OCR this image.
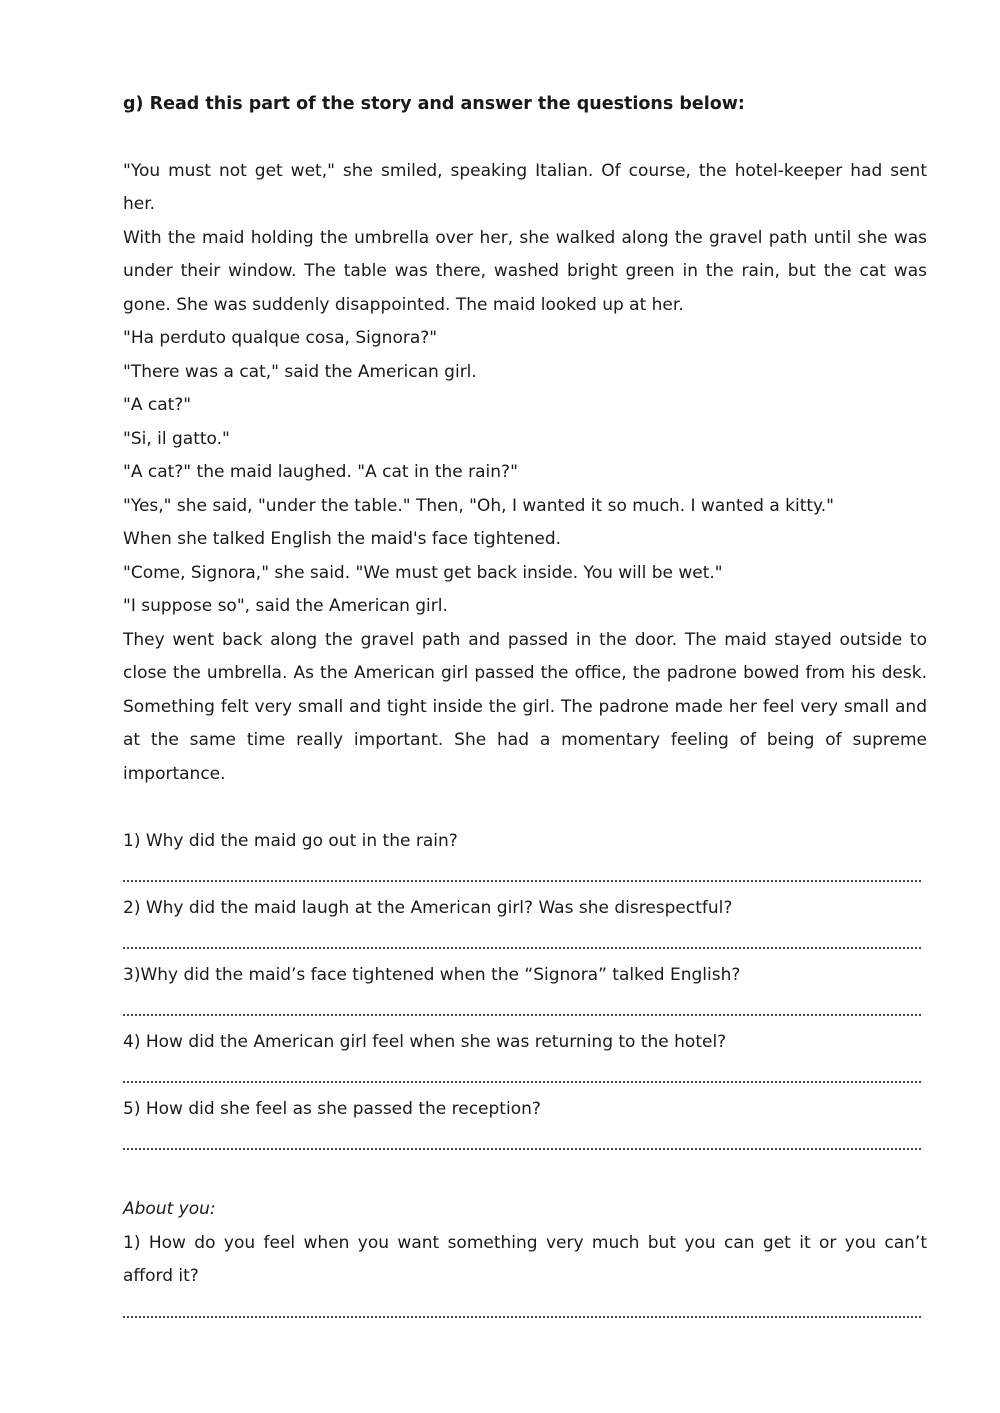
g) Read this part of the story and answer the questions below:

"You must not get wet," she smiled, speaking Italian. Of course, the hotel-keeper had sent her.

With the maid holding the umbrella over her, she walked along the gravel path until she was under their window. The table was there, washed bright green in the rain, but the cat was gone. She was suddenly disappointed. The maid looked up at her.

"Ha perduto qualque cosa, Signora?"

"There was a cat," said the American girl.

"A cat?"

"Si, il gatto."

"A cat?" the maid laughed. "A cat in the rain?"

"Yes," she said, "under the table." Then, "Oh, I wanted it so much. I wanted a kitty."

When she talked English the maid's face tightened.

"Come, Signora," she said. "We must get back inside. You will be wet."

"I suppose so", said the American girl.

They went back along the gravel path and passed in the door. The maid stayed outside to close the umbrella. As the American girl passed the office, the padrone bowed from his desk. Something felt very small and tight inside the girl. The padrone made her feel very small and at the same time really important. She had a momentary feeling of being of supreme importance.

1) Why did the maid go out in the rain?

2) Why did the maid laugh at the American girl? Was she disrespectful?

3)Why did the maid’s face tightened when the “Signora” talked English?

4) How did the American girl feel when she was returning to the hotel?

5) How did she feel as she passed the reception?

About you:

1) How do you feel when you want something very much but you can get it or you can’t afford it?
